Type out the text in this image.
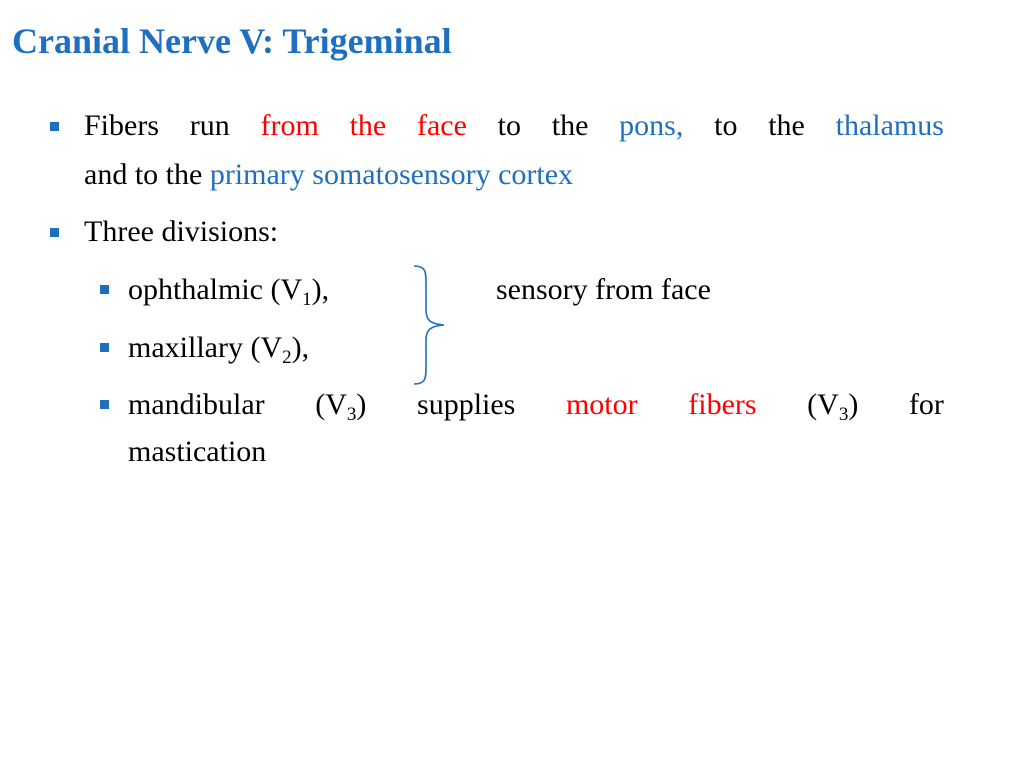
Cranial Nerve V: Trigeminal
Fibers run from the face to the pons, to the thalamus
and to the primary somatosensory cortex
Three divisions:
ophthalmic $(V_1)$,	sensory from face
maxillary $(V_2)$,
mandibular $(V_3)$ supplies motor fibers $(V_3)$ for
mastication
